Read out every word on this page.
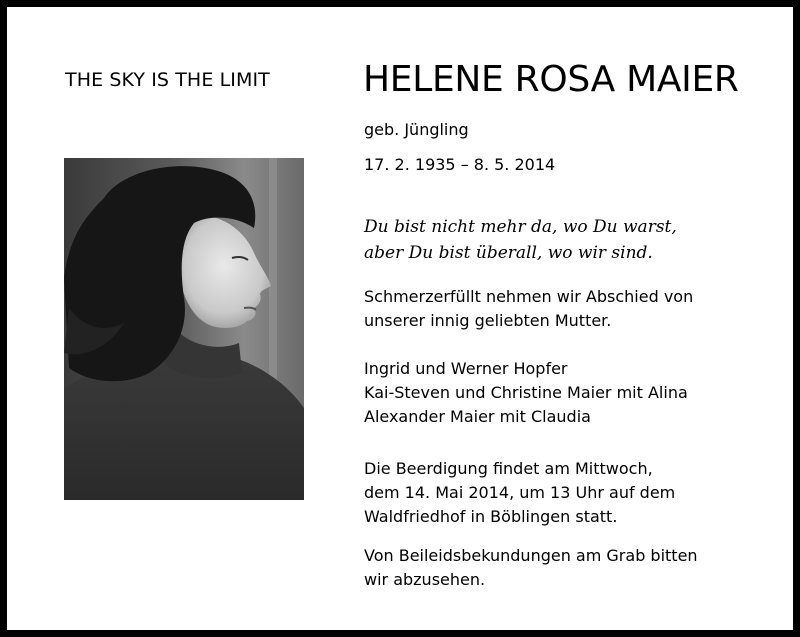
THE SKY IS THE LIMIT	HELENE ROSA MAIER
geb. Jüngling
17. 2. 1935 – 8. 5. 2014
Du bist nicht mehr da, wo Du warst,
aber Du bist überall, wo wir sind.
Schmerzerfüllt nehmen wir Abschied von
unserer innig geliebten Mutter.
Ingrid und Werner Hopfer
Kai-Steven und Christine Maier mit Alina
Alexander Maier mit Claudia
Die Beerdigung findet am Mittwoch,
dem 14. Mai 2014, um 13 Uhr auf dem
Waldfriedhof in Böblingen statt.
Von Beileidsbekundungen am Grab bitten
wir abzusehen.
